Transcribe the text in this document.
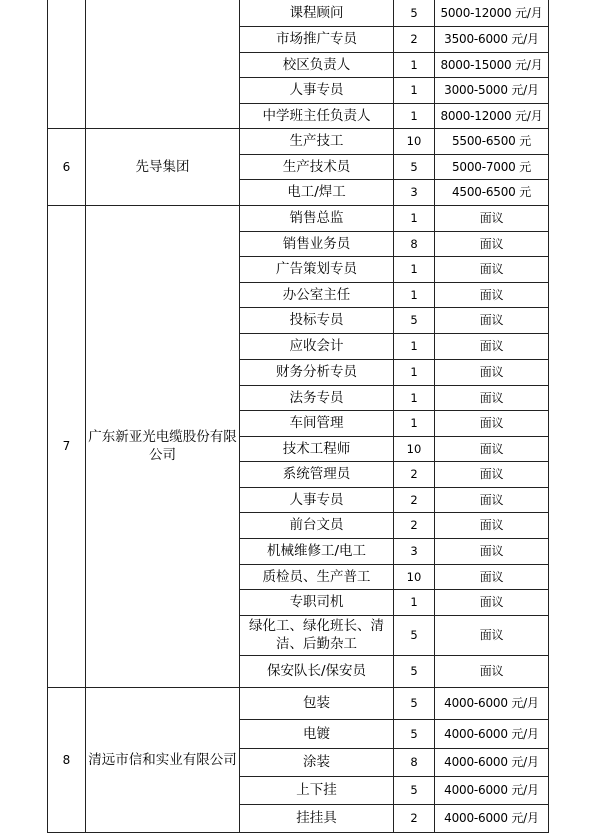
		课程顾问	5	5000-12000 元/月
		市场推广专员	2	3500-6000 元/月
		校区负责人	1	8000-15000 元/月
		人事专员	1	3000-5000 元/月
		中学班主任负责人	1	8000-12000 元/月
6	先导集团	生产技工	10	5500-6500 元
		生产技术员	5	5000-7000 元
		电工/焊工	3	4500-6500 元
7	广东新亚光电缆股份有限公司	销售总监	1	面议
		销售业务员	8	面议
		广告策划专员	1	面议
		办公室主任	1	面议
		投标专员	5	面议
		应收会计	1	面议
		财务分析专员	1	面议
		法务专员	1	面议
		车间管理	1	面议
		技术工程师	10	面议
		系统管理员	2	面议
		人事专员	2	面议
		前台文员	2	面议
		机械维修工/电工	3	面议
		质检员、生产普工	10	面议
		专职司机	1	面议
		绿化工、绿化班长、清洁、后勤杂工	5	面议
		保安队长/保安员	5	面议
8	清远市信和实业有限公司	包装	5	4000-6000 元/月
		电镀	5	4000-6000 元/月
		涂装	8	4000-6000 元/月
		上下挂	5	4000-6000 元/月
		挂挂具	2	4000-6000 元/月
